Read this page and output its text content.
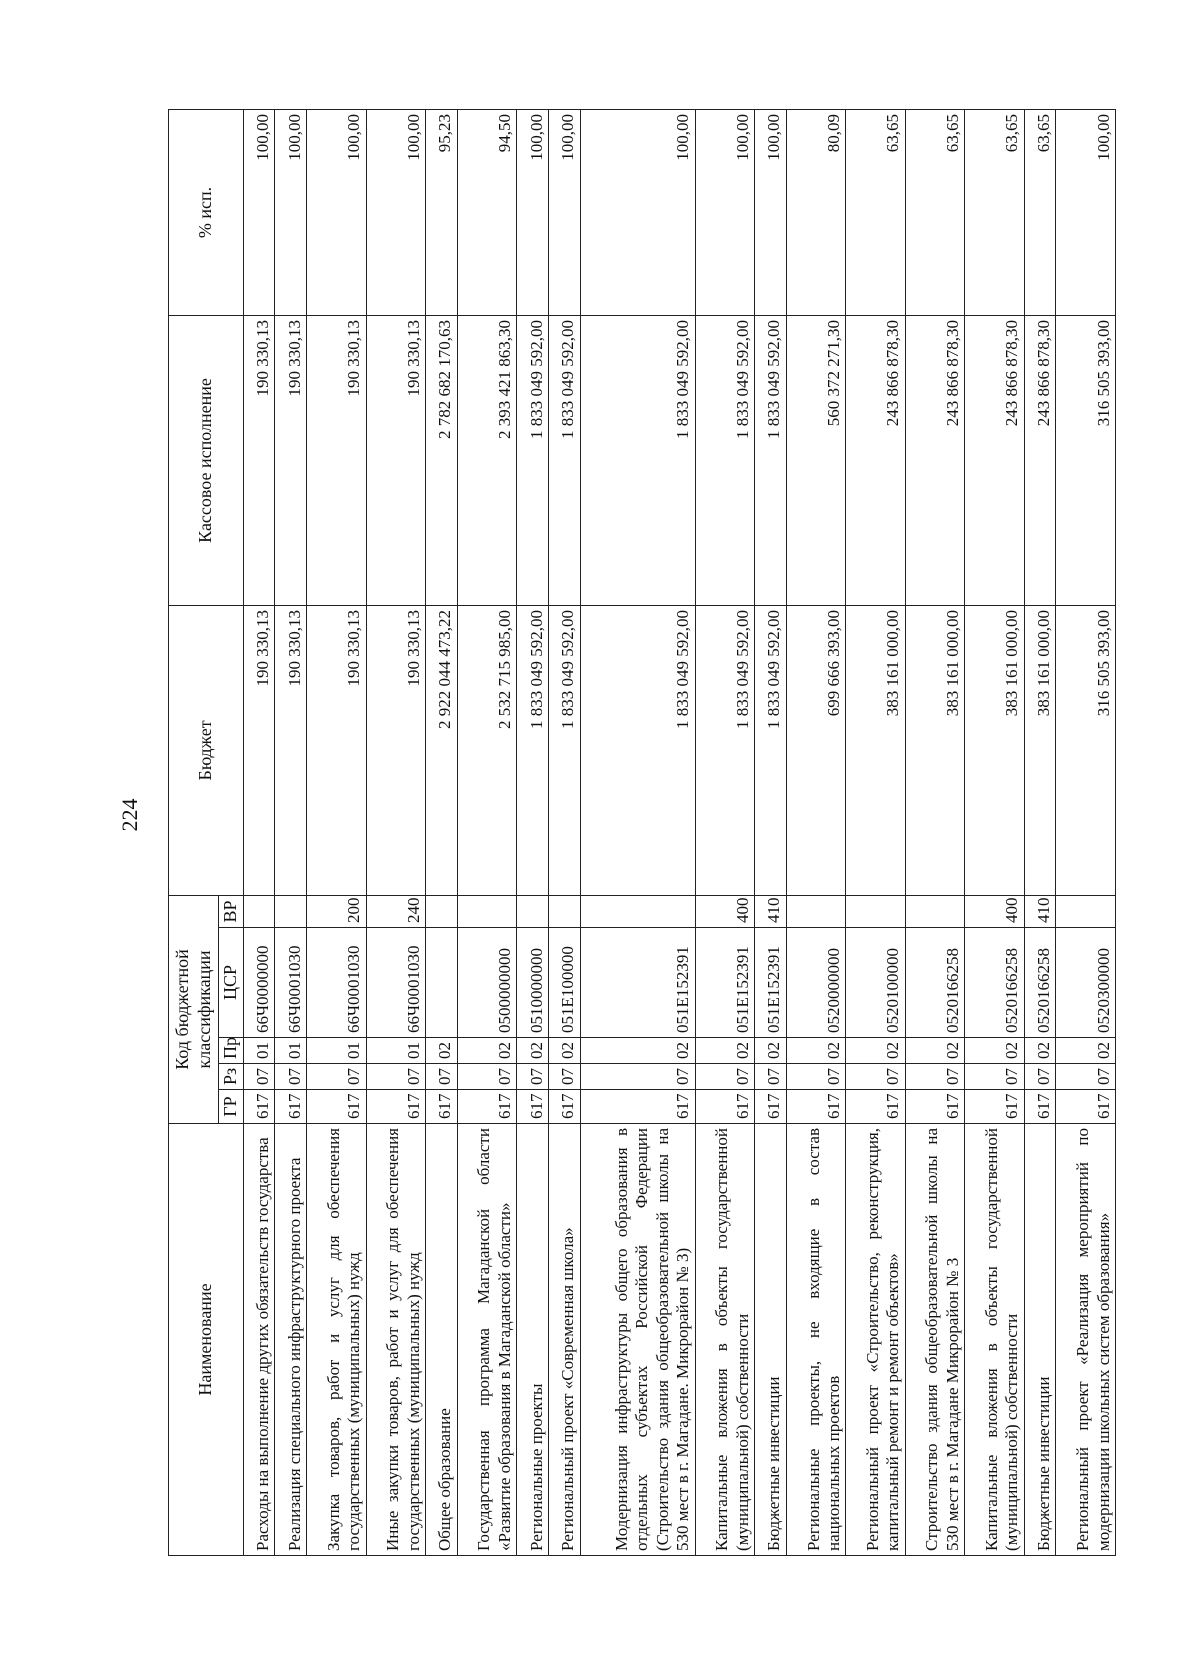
224
Наименование	Код бюджетной классификации					Бюджет	Кассовое исполнение	% исп.
	ГР	Рз	Пр	ЦСР	ВР			
Расходы на выполнение других обязательств государства	617	07	01	66Ч0000000		190 330,13	190 330,13	100,00
Реализация специального инфраструктурного проекта	617	07	01	66Ч0001030		190 330,13	190 330,13	100,00
Закупка товаров, работ и услуг для обеспечения государственных (муниципальных) нужд	617	07	01	66Ч0001030	200	190 330,13	190 330,13	100,00
Иные закупки товаров, работ и услуг для обеспечения государственных (муниципальных) нужд	617	07	01	66Ч0001030	240	190 330,13	190 330,13	100,00
Общее образование	617	07	02			2 922 044 473,22	2 782 682 170,63	95,23
Государственная программа Магаданской области «Развитие образования в Магаданской области»	617	07	02	0500000000		2 532 715 985,00	2 393 421 863,30	94,50
Региональные проекты	617	07	02	0510000000		1 833 049 592,00	1 833 049 592,00	100,00
Региональный проект «Современная школа»	617	07	02	051E100000		1 833 049 592,00	1 833 049 592,00	100,00
Модернизация инфраструктуры общего образования в отдельных субъектах Российской Федерации (Строительство здания общеобразовательной школы на 530 мест в г. Магадане. Микрорайон № 3)	617	07	02	051E152391		1 833 049 592,00	1 833 049 592,00	100,00
Капитальные вложения в объекты государственной (муниципальной) собственности	617	07	02	051E152391	400	1 833 049 592,00	1 833 049 592,00	100,00
Бюджетные инвестиции	617	07	02	051E152391	410	1 833 049 592,00	1 833 049 592,00	100,00
Региональные проекты, не входящие в состав национальных проектов	617	07	02	0520000000		699 666 393,00	560 372 271,30	80,09
Региональный проект «Строительство, реконструкция, капитальный ремонт и ремонт объектов»	617	07	02	0520100000		383 161 000,00	243 866 878,30	63,65
Строительство здания общеобразовательной школы на 530 мест в г. Магадане Микрорайон № 3	617	07	02	0520166258		383 161 000,00	243 866 878,30	63,65
Капитальные вложения в объекты государственной (муниципальной) собственности	617	07	02	0520166258	400	383 161 000,00	243 866 878,30	63,65
Бюджетные инвестиции	617	07	02	0520166258	410	383 161 000,00	243 866 878,30	63,65
Региональный проект «Реализация мероприятий по модернизации школьных систем образования»	617	07	02	0520300000		316 505 393,00	316 505 393,00	100,00
